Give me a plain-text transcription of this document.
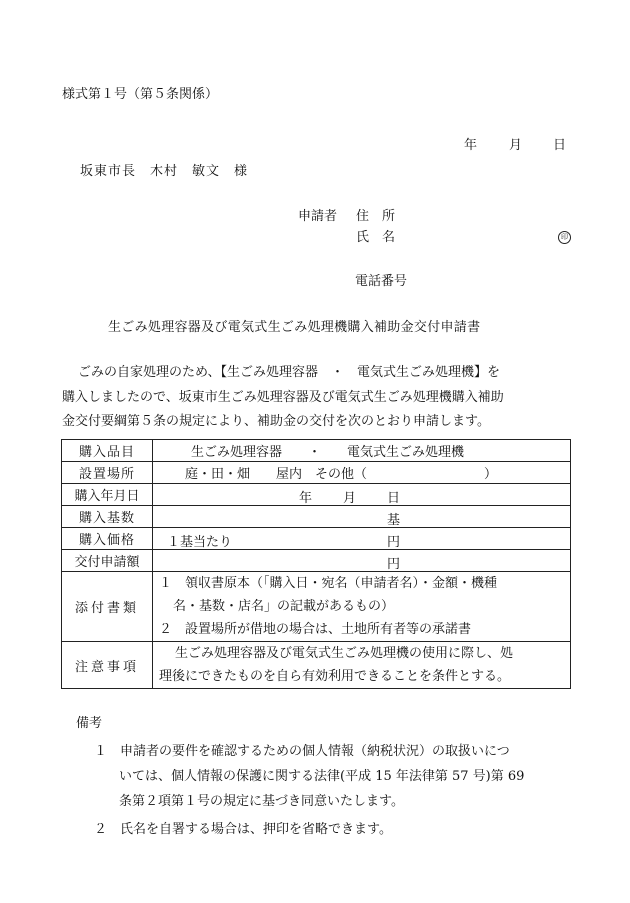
様式第１号（第５条関係）
年 月 日
坂東市長　木村　敏文　様
申請者 住　所
氏　名	印
電話番号
生ごみ処理容器及び電気式生ごみ処理機購入補助金交付申請書
ごみの自家処理のため、【生ごみ処理容器　・　電気式生ごみ処理機】を
購入しましたので、坂東市生ごみ処理容器及び電気式生ごみ処理機購入補助
金交付要綱第５条の規定により、補助金の交付を次のとおり申請します。
購入品目	生ごみ処理容器　　・　　電気式生ごみ処理機
設置場所	庭・田・畑　　屋内　その他（　　　　　　　　　）
購入年月日	年 月 日

購入基数	基

購入価格	１基当たり 円

交付申請額	円

添付書類	１　領収書原本（「購入日・宛名（申請者名）・金額・機種
名・基数・店名」の記載があるもの）
２　設置場所が借地の場合は、土地所有者等の承諾書

注意事項	生ごみ処理容器及び電気式生ごみ処理機の使用に際し、処
理後にできたものを自ら有効利用できることを条件とする。
備考
１　申請者の要件を確認するための個人情報（納税状況）の取扱いにつ
いては、個人情報の保護に関する法律(平成 15 年法律第 57 号)第 69
条第２項第１号の規定に基づき同意いたします。
２　氏名を自署する場合は、押印を省略できます。
